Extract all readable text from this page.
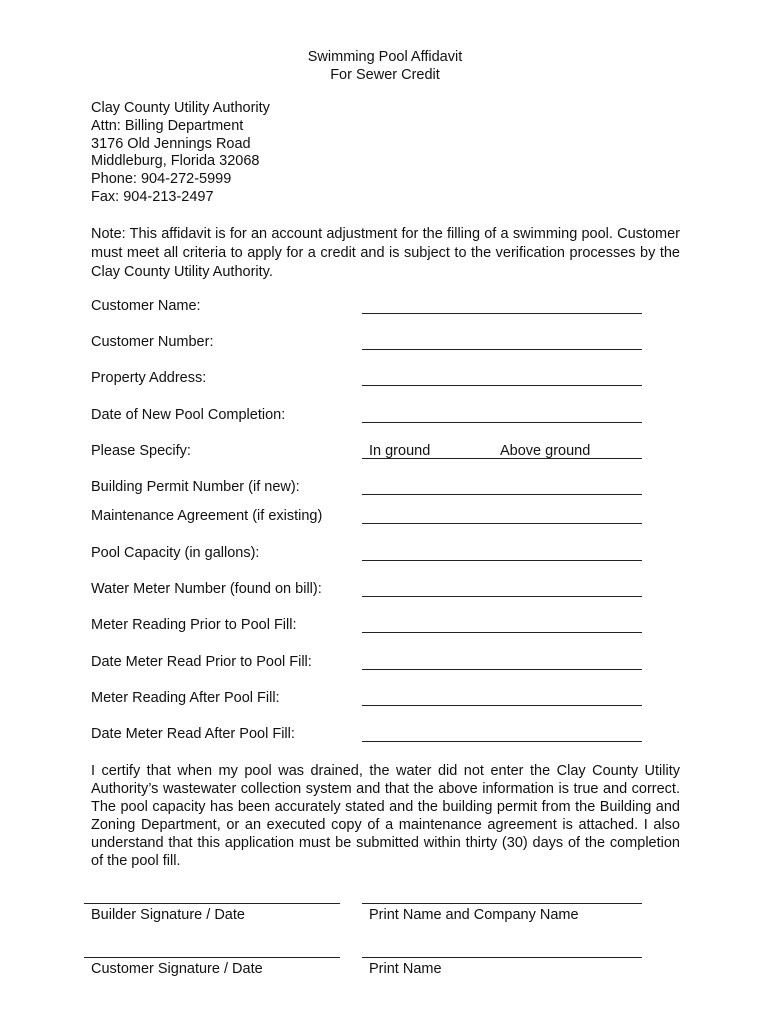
Swimming Pool Affidavit
For Sewer Credit
Clay County Utility Authority
Attn: Billing Department
3176 Old Jennings Road
Middleburg, Florida 32068
Phone: 904-272-5999
Fax: 904-213-2497
Note: This affidavit is for an account adjustment for the filling of a swimming pool. Customer must meet all criteria to apply for a credit and is subject to the verification processes by the Clay County Utility Authority.
Customer Name:
Customer Number:
Property Address:
Date of New Pool Completion:
Please Specify:	In ground	Above ground
Building Permit Number (if new):
Maintenance Agreement (if existing)
Pool Capacity (in gallons):
Water Meter Number (found on bill):
Meter Reading Prior to Pool Fill:
Date Meter Read Prior to Pool Fill:
Meter Reading After Pool Fill:
Date Meter Read After Pool Fill:
I certify that when my pool was drained, the water did not enter the Clay County Utility Authority’s wastewater collection system and that the above information is true and correct. The pool capacity has been accurately stated and the building permit from the Building and Zoning Department, or an executed copy of a maintenance agreement is attached. I also understand that this application must be submitted within thirty (30) days of the completion of the pool fill.
Builder Signature / Date	Print Name and Company Name
Customer Signature / Date	Print Name
